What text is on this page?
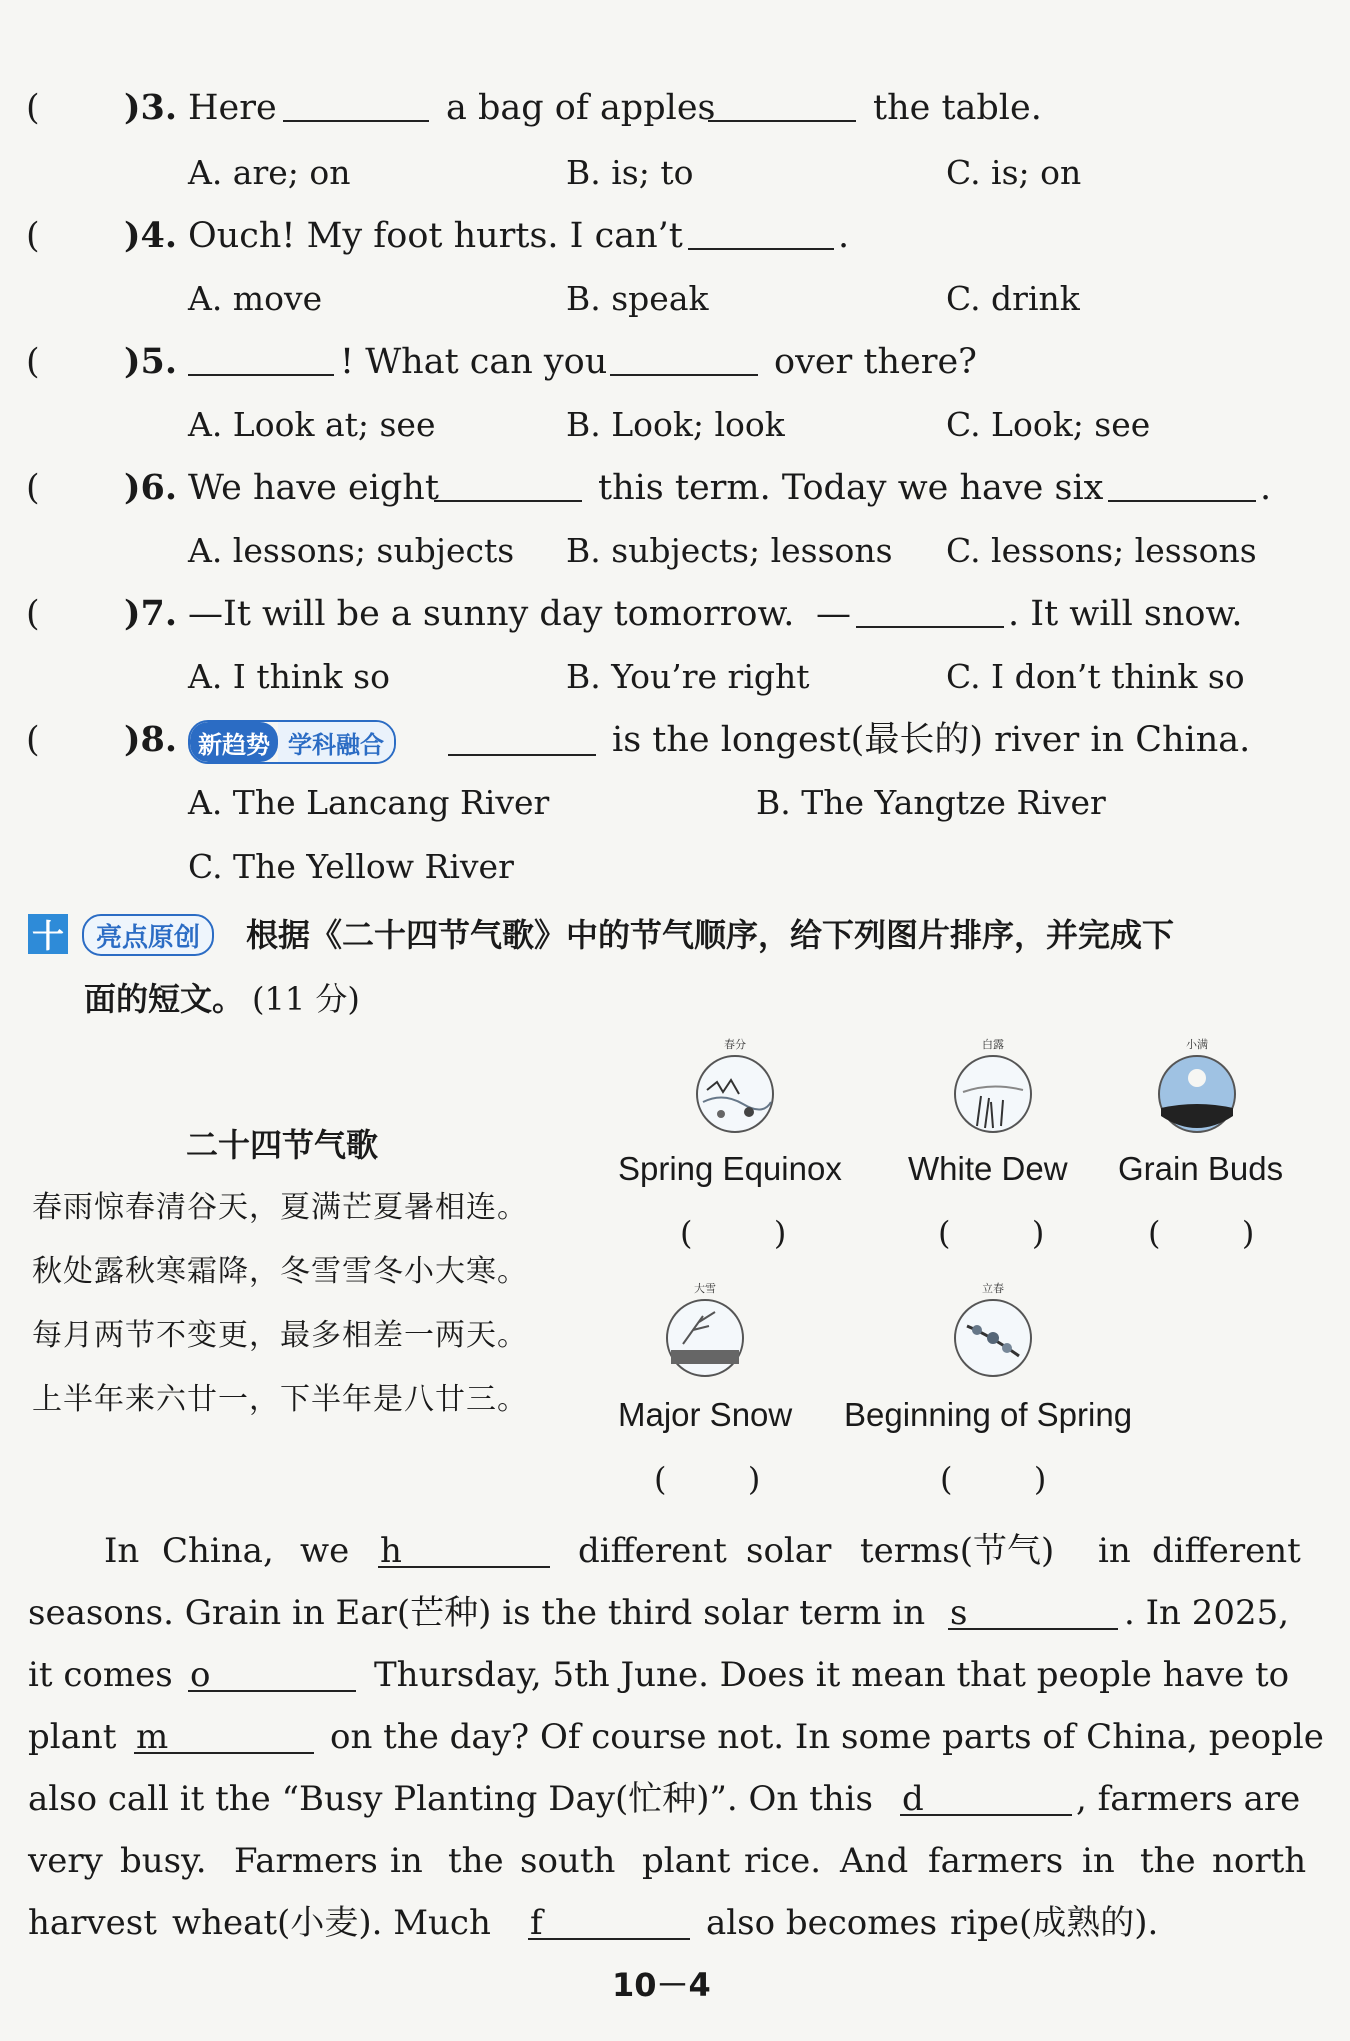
( )3. Here	a bag of apples	the table.
A. are; on	B. is; to	C. is; on
( )4. Ouch! My foot hurts. I can’t	.
A. move	B. speak	C. drink
( )5.	! What can you	over there?
A. Look at; see	B. Look; look	C. Look; see
( )6. We have eight	this term. Today we have six	.
A. lessons; subjects B. subjects; lessons C. lessons; lessons
( )7. —It will be a sunny day tomorrow. —	. It will snow.
A. I think so	B. You’re right	C. I don’t think so
( )8. 新趋势 学科融合	is the longest(最长的) river in China.
A. The Lancang River	B. The Yangtze River
C. The Yellow River
十	亮点原创	根据《二十四节气歌》中的节气顺序，给下列图片排序，并完成下
面的短文。 (11 分)
二十四节气歌
春雨惊春清谷天，夏满芒夏暑相连。
秋处露秋寒霜降，冬雪雪冬小大寒。
每月两节不变更，最多相差一两天。
上半年来六廿一，下半年是八廿三。
春分	白露	小满
大雪	立春
Spring Equinox White Dew Grain Buds
Major Snow Beginning of Spring
(        )	(        )	(        )
(        )	(        )
In China, we h	different solar terms(节气) in different
seasons. Grain in Ear(芒种) is the third solar term in s	. In 2025,
it comes o	Thursday, 5th June. Does it mean that people have to
plant m	on the day? Of course not. In some parts of China, people
also call it the “Busy Planting Day(忙种)”. On this d	, farmers are
very busy. Farmers in the south plant rice. And farmers in the north
harvest wheat(小麦). Much f	also becomes ripe(成熟的).
10－4
